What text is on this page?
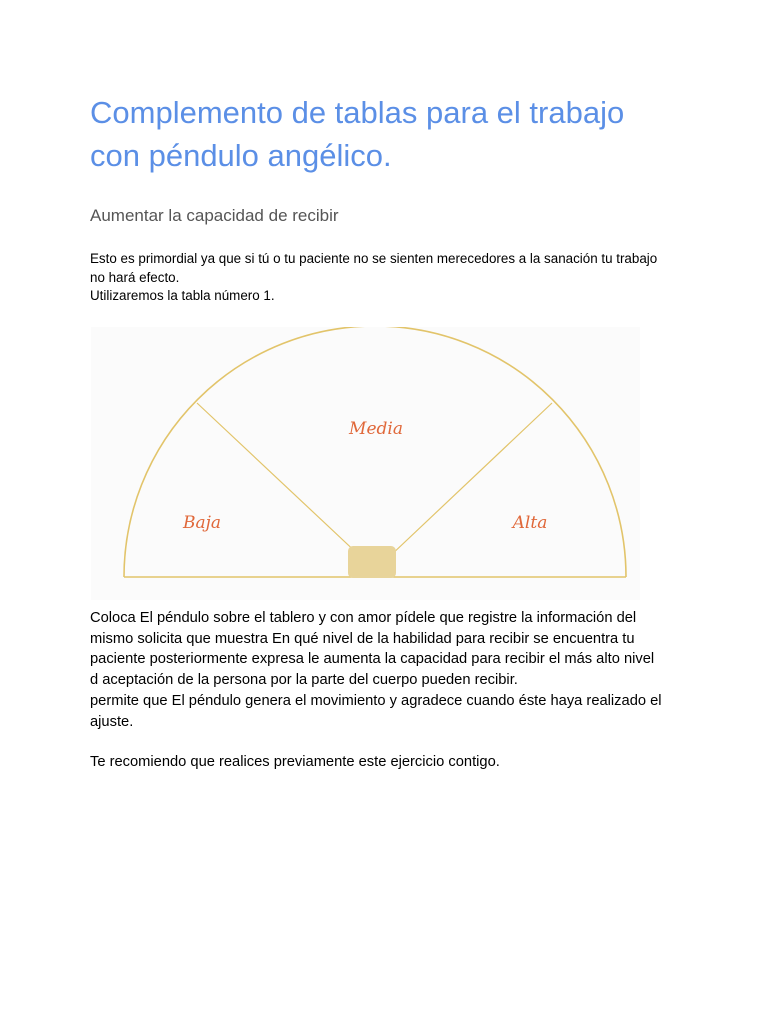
Complemento de tablas para el trabajo
con péndulo angélico.
Aumentar la capacidad de recibir

Esto es primordial ya que si tú o tu paciente no se sienten merecedores a la sanación tu trabajo
no hará efecto.
Utilizaremos la tabla número 1.

Media
Baja	Alta

Coloca El péndulo sobre el tablero y con amor pídele que registre la información del
mismo solicita que muestra En qué nivel de la habilidad para recibir se encuentra tu
paciente posteriormente expresa le aumenta la capacidad para recibir el más alto nivel
d aceptación de la persona por la parte del cuerpo pueden recibir.
permite que El péndulo genera el movimiento y agradece cuando éste haya realizado el
ajuste.

Te recomiendo que realices previamente este ejercicio contigo.
